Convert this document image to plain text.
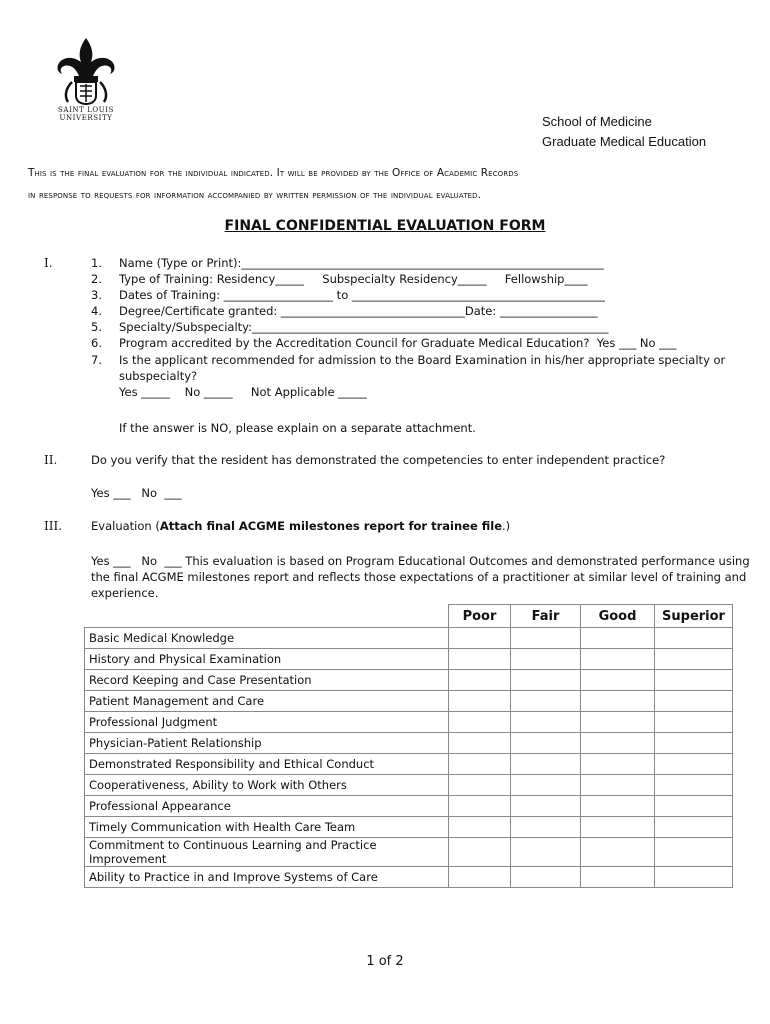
SAINT LOUIS
UNIVERSITY	School of Medicine
Graduate Medical Education
This is the final evaluation for the individual indicated. It will be provided by the Office of Academic Records
in response to requests for information accompanied by written permission of the individual evaluated.
FINAL CONFIDENTIAL EVALUATION FORM
I.	1.	Name (Type or Print):_______________________________________________________________
2.	Type of Training: Residency_____     Subspecialty Residency_____     Fellowship____
3.	Dates of Training: ___________________ to ____________________________________________
4.	Degree/Certificate granted: ________________________________Date: _________________
5.	Specialty/Subspecialty:______________________________________________________________
6.	Program accredited by the Accreditation Council for Graduate Medical Education?  Yes ___ No ___
7.	Is the applicant recommended for admission to the Board Examination in his/her appropriate specialty or
subspecialty?
Yes _____    No _____     Not Applicable _____
If the answer is NO, please explain on a separate attachment.
II.	Do you verify that the resident has demonstrated the competencies to enter independent practice?
Yes ___   No  ___
III.	Evaluation (Attach final ACGME milestones report for trainee file.)
Yes ___   No  ___ This evaluation is based on Program Educational Outcomes and demonstrated performance using
the final ACGME milestones report and reflects those expectations of a practitioner at similar level of training and
experience.
	Poor	Fair	Good	Superior
Basic Medical Knowledge				
History and Physical Examination				
Record Keeping and Case Presentation				
Patient Management and Care				
Professional Judgment				
Physician-Patient Relationship				
Demonstrated Responsibility and Ethical Conduct				
Cooperativeness, Ability to Work with Others				
Professional Appearance				
Timely Communication with Health Care Team				
Commitment to Continuous Learning and Practice Improvement				
Ability to Practice in and Improve Systems of Care				
1 of 2
